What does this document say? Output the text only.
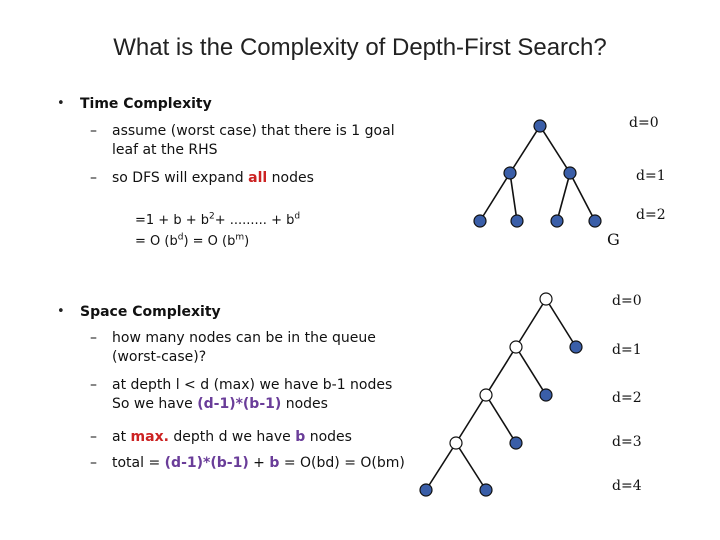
What is the Complexity of Depth-First Search?
• Time Complexity
–	assume (worst case) that there is 1 goal
leaf at the RHS
–	so DFS will expand all nodes
$=1 + b + b^2+$ ......... + $b^d$
= O $(b^d) = O$ $(b^m)$
• Space Complexity
–	how many nodes can be in the queue
(worst-case)?
–	at depth l < d (max) we have b-1 nodes
So we have (d-1)*(b-1) nodes
–	at max. depth d we have b nodes
–	total = (d-1)*(b-1) + b = O(bd) = O(bm)
d=0
d=1
d=2
G
d=0
d=1
d=2
d=3
d=4
